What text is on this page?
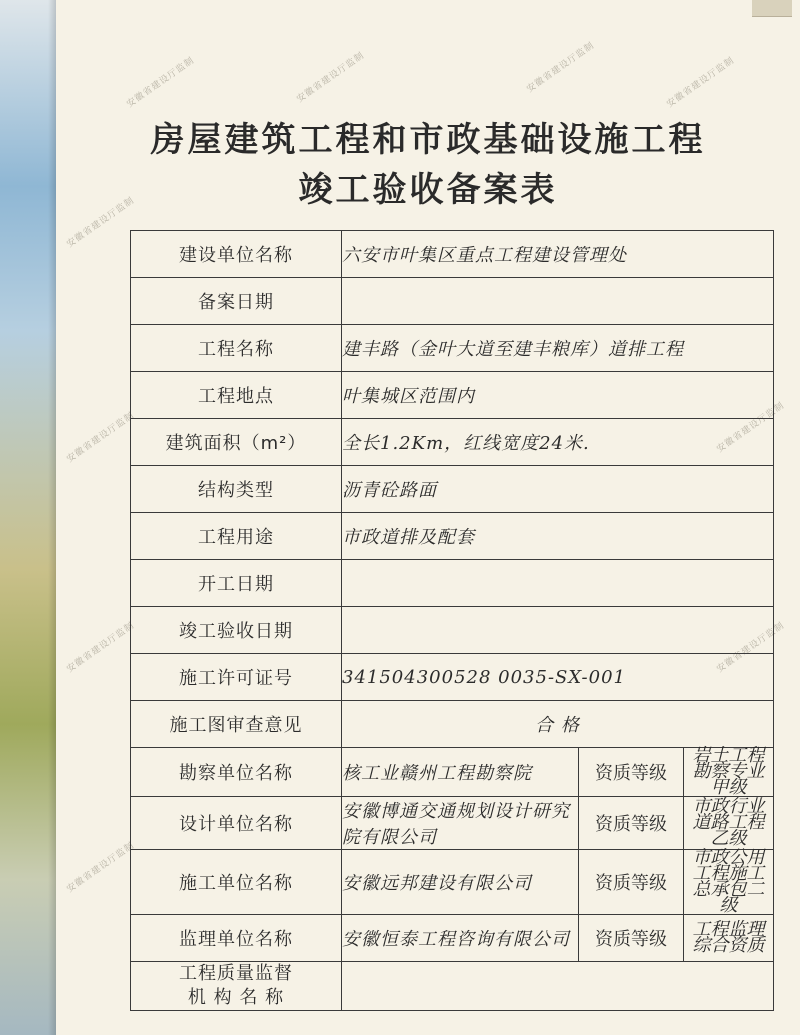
安徽省建设厅监制	安徽省建设厅监制	安徽省建设厅监制	安徽省建设厅监制
安徽省建设厅监制
安徽省建设厅监制
安徽省建设厅监制
安徽省建设厅监制
安徽省建设厅监制
安徽省建设厅监制
房屋建筑工程和市政基础设施工程
竣工验收备案表
建设单位名称	六安市叶集区重点工程建设管理处		
备案日期			
工程名称	建丰路（金叶大道至建丰粮库）道排工程		
工程地点	叶集城区范围内		
建筑面积（m²）	全长1.2Km，红线宽度24米.		
结构类型	沥青砼路面		
工程用途	市政道排及配套		
开工日期			
竣工验收日期			
施工许可证号	341504300528 0035-SX-001		
施工图审查意见	合 格		
勘察单位名称	核工业赣州工程勘察院	资质等级	岩土工程勘察专业 甲级
设计单位名称	安徽博通交通规划设计研究院有限公司	资质等级	市政行业道路工程乙级
施工单位名称	安徽远邦建设有限公司	资质等级	市政公用工程施工总承包二级
监理单位名称	安徽恒泰工程咨询有限公司	资质等级	工程监理综合资质

工程质量监督
机 构 名 称			
